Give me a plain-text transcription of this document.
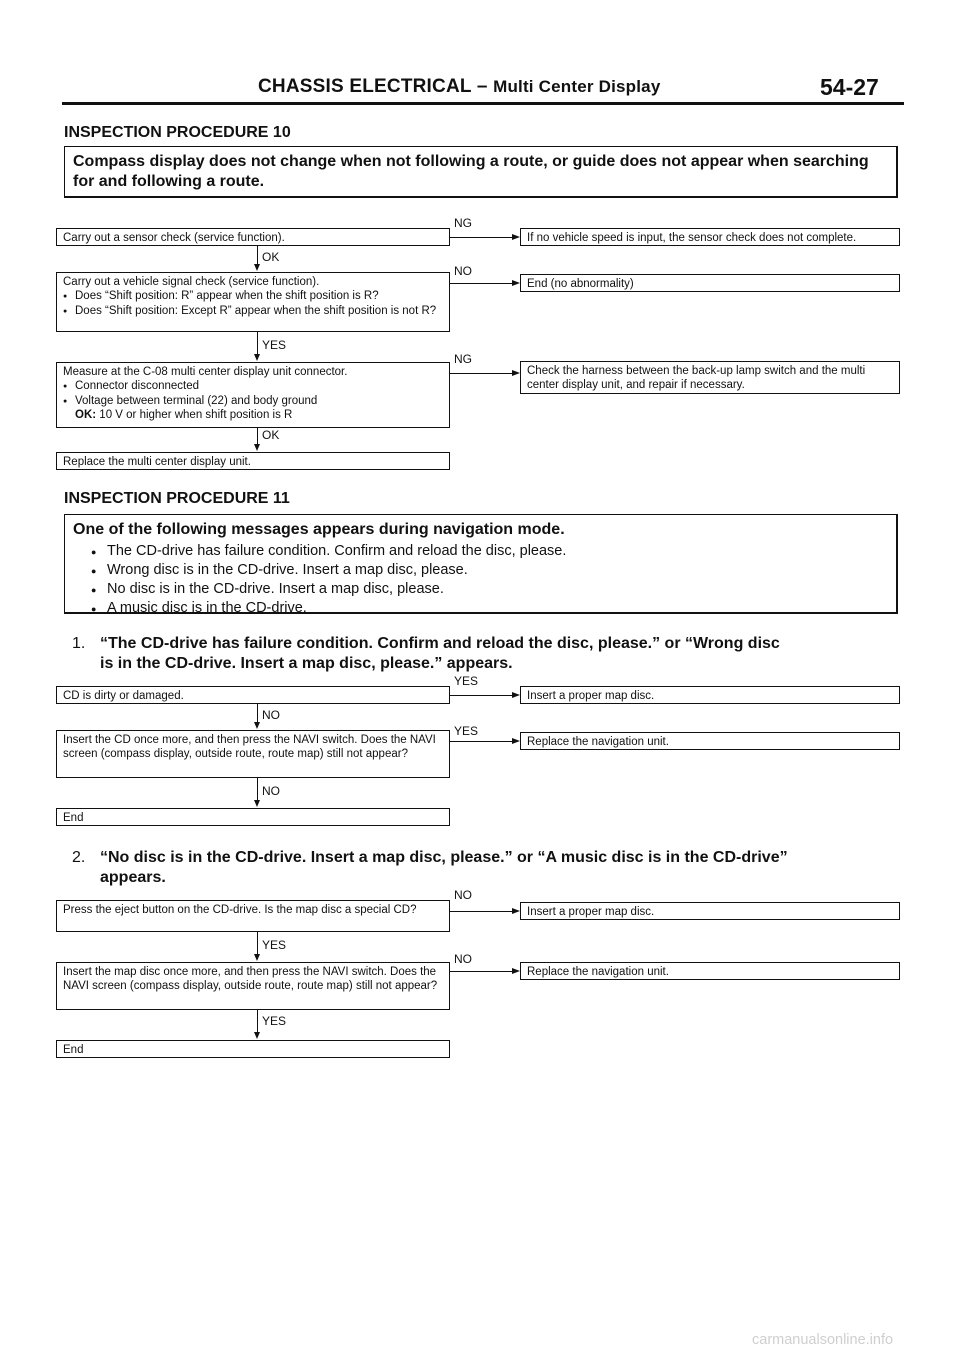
CHASSIS ELECTRICAL – Multi Center Display	54-27
INSPECTION PROCEDURE 10
Compass display does not change when not following a route, or guide does not appear when searching for and following a route.
Carry out a sensor check (service function).
NG
If no vehicle speed is input, the sensor check does not complete.
OK
Carry out a vehicle signal check (service function).
● Does “Shift position: R” appear when the shift position is R?
● Does “Shift position: Except R” appear when the shift position is not R?
NO
End (no abnormality)
YES
Measure at the C-08 multi center display unit connector.
● Connector disconnected
● Voltage between terminal (22) and body ground
OK: 10 V or higher when shift position is R
NG
Check the harness between the back-up lamp switch and the multi center display unit, and repair if necessary.
OK
Replace the multi center display unit.
INSPECTION PROCEDURE 11
One of the following messages appears during navigation mode.
● The CD-drive has failure condition. Confirm and reload the disc, please.
● Wrong disc is in the CD-drive. Insert a map disc, please.
● No disc is in the CD-drive. Insert a map disc, please.
● A music disc is in the CD-drive.
1. “The CD-drive has failure condition. Confirm and reload the disc, please.” or “Wrong disc
is in the CD-drive. Insert a map disc, please.” appears.
CD is dirty or damaged.
YES
Insert a proper map disc.
NO
Insert the CD once more, and then press the NAVI switch. Does the NAVI screen (compass display, outside route, route map) still not appear?
YES
Replace the navigation unit.
NO
End
2. “No disc is in the CD-drive. Insert a map disc, please.” or “A music disc is in the CD-drive”
appears.
Press the eject button on the CD-drive. Is the map disc a special CD?
NO
Insert a proper map disc.
YES
Insert the map disc once more, and then press the NAVI switch. Does the NAVI screen (compass display, outside route, route map) still not appear?
NO
Replace the navigation unit.
YES
End
carmanualsonline.info
